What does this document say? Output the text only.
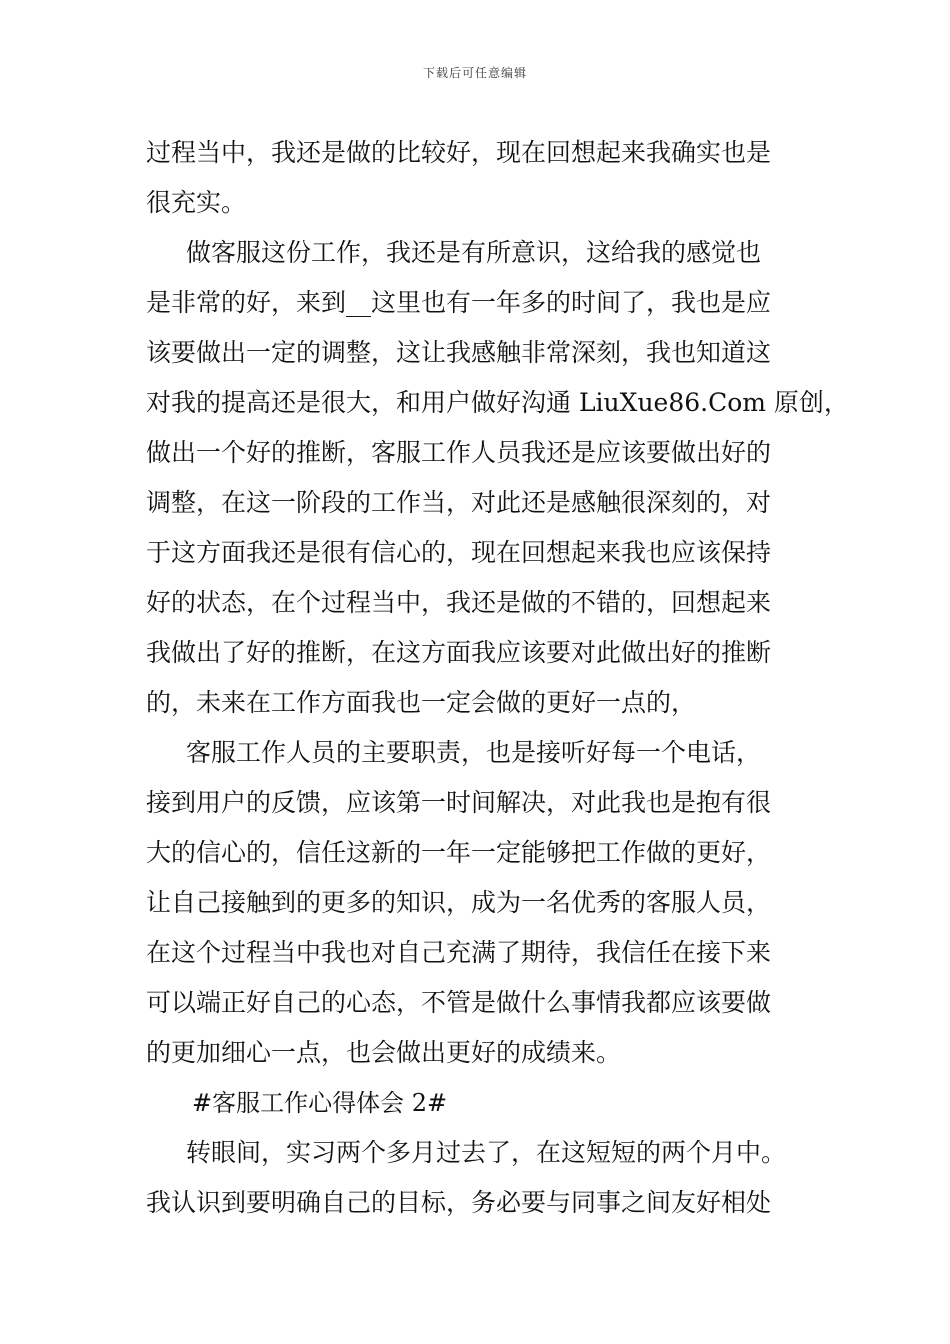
下载后可任意编辑
过程当中，我还是做的比较好，现在回想起来我确实也是
很充实。
做客服这份工作，我还是有所意识，这给我的感觉也
是非常的好，来到__这里也有一年多的时间了，我也是应
该要做出一定的调整，这让我感触非常深刻，我也知道这
对我的提高还是很大，和用户做好沟通 LiuXue86.Com 原创，
做出一个好的推断，客服工作人员我还是应该要做出好的
调整，在这一阶段的工作当，对此还是感触很深刻的，对
于这方面我还是很有信心的，现在回想起来我也应该保持
好的状态，在个过程当中，我还是做的不错的，回想起来
我做出了好的推断，在这方面我应该要对此做出好的推断
的，未来在工作方面我也一定会做的更好一点的，
客服工作人员的主要职责，也是接听好每一个电话，
接到用户的反馈，应该第一时间解决，对此我也是抱有很
大的信心的，信任这新的一年一定能够把工作做的更好，
让自己接触到的更多的知识，成为一名优秀的客服人员，
在这个过程当中我也对自己充满了期待，我信任在接下来
可以端正好自己的心态，不管是做什么事情我都应该要做
的更加细心一点，也会做出更好的成绩来。
#客服工作心得体会 2#
转眼间，实习两个多月过去了，在这短短的两个月中。
我认识到要明确自己的目标，务必要与同事之间友好相处
